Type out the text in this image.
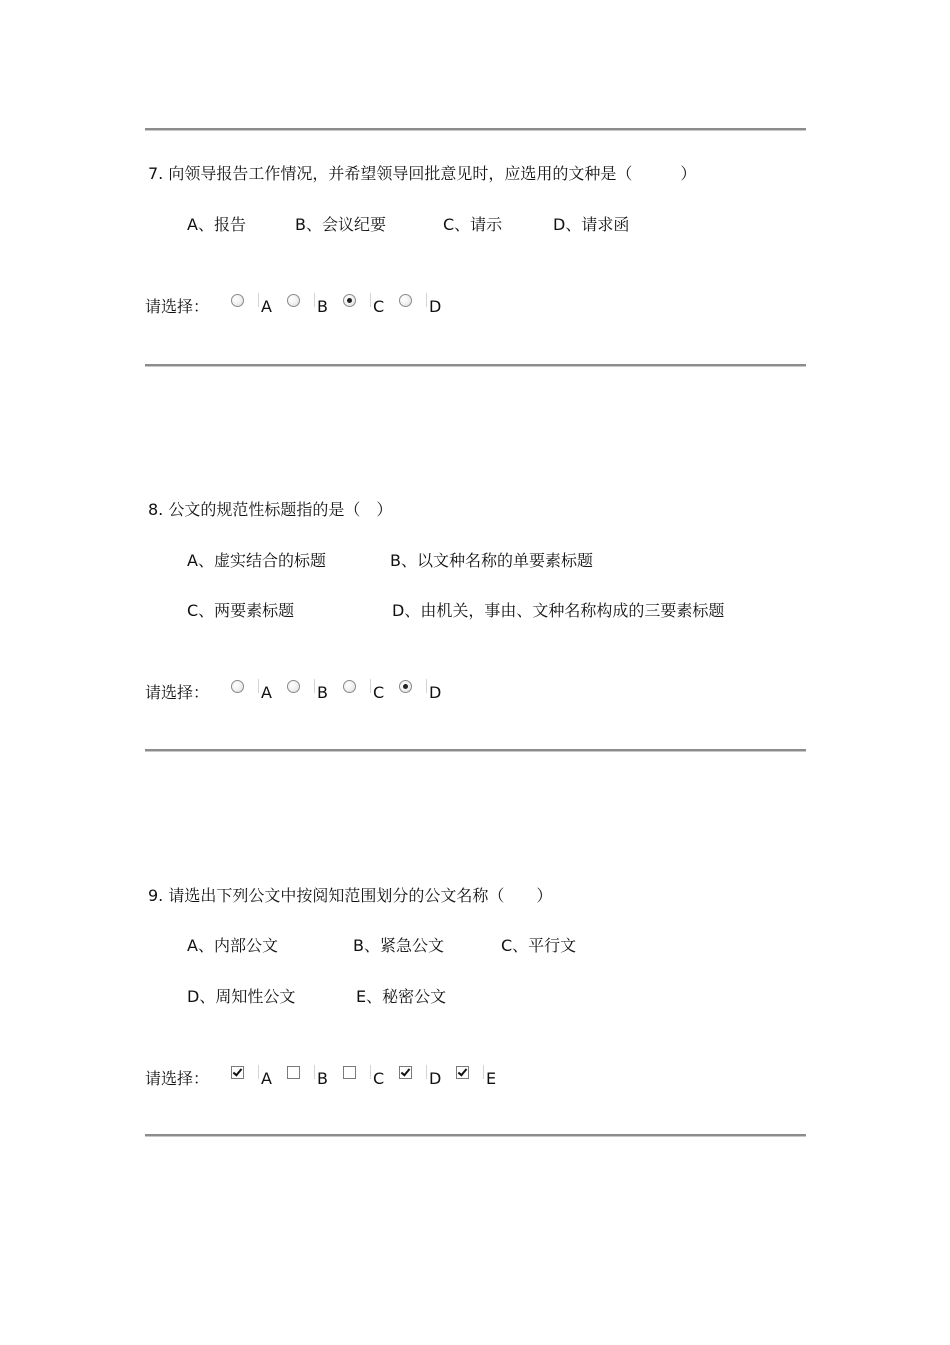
7. 向领导报告工作情况，并希望领导回批意见时，应选用的文种是（　　　）
A、报告	B、会议纪要	C、请示	D、请求函
请选择：	A	B	C	D
8. 公文的规范性标题指的是（　）
A、虚实结合的标题	B、以文种名称的单要素标题
C、两要素标题	D、由机关，事由、文种名称构成的三要素标题
请选择：	A	B	C	D
9. 请选出下列公文中按阅知范围划分的公文名称（　　）
A、内部公文	B、紧急公文	C、平行文
D、周知性公文	E、秘密公文
请选择：	A	B	C	D	E
